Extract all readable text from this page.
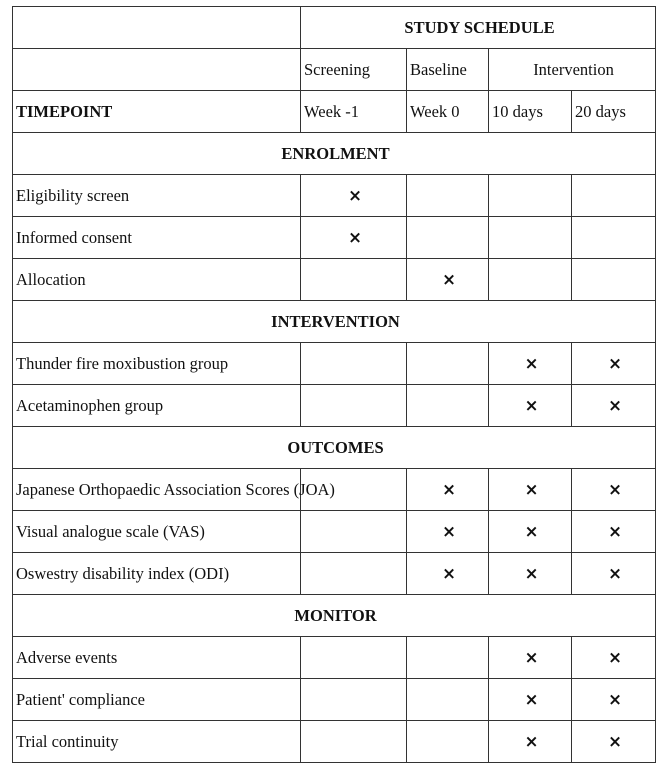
	STUDY SCHEDULE			
	Screening	Baseline	Intervention	
TIMEPOINT	Week -1	Week 0	10 days	20 days
ENROLMENT				
Eligibility screen	×			
Informed consent	×			
Allocation		×		
INTERVENTION				
Thunder fire moxibustion group			×	×
Acetaminophen group			×	×
OUTCOMES				
Japanese Orthopaedic Association Scores (JOA)		×	×	×
Visual analogue scale (VAS)		×	×	×
Oswestry disability index (ODI)		×	×	×
MONITOR				
Adverse events			×	×
Patient' compliance			×	×
Trial continuity			×	×
